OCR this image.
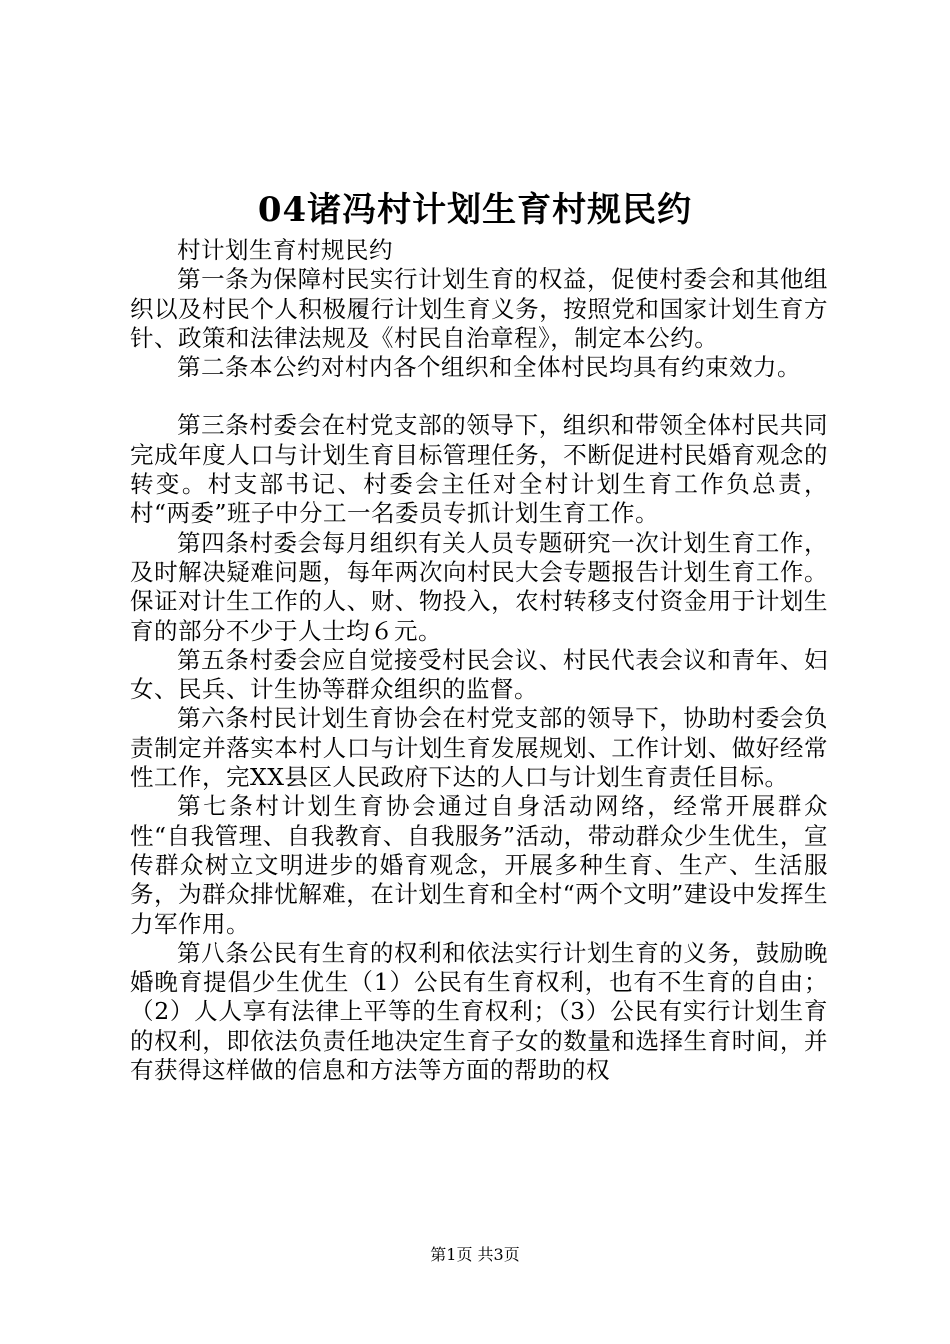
04诸冯村计划生育村规民约

村计划生育村规民约

第一条为保障村民实行计划生育的权益，促使村委会和其他组织以及村民个人积极履行计划生育义务，按照党和国家计划生育方针、政策和法律法规及《村民自治章程》，制定本公约。

第二条本公约对村内各个组织和全体村民均具有约束效力。

第三条村委会在村党支部的领导下，组织和带领全体村民共同完成年度人口与计划生育目标管理任务，不断促进村民婚育观念的转变。村支部书记、村委会主任对全村计划生育工作负总责，村“两委”班子中分工一名委员专抓计划生育工作。

第四条村委会每月组织有关人员专题研究一次计划生育工作，及时解决疑难问题，每年两次向村民大会专题报告计划生育工作。保证对计生工作的人、财、物投入，农村转移支付资金用于计划生育的部分不少于人士均６元。

第五条村委会应自觉接受村民会议、村民代表会议和青年、妇女、民兵、计生协等群众组织的监督。

第六条村民计划生育协会在村党支部的领导下，协助村委会负责制定并落实本村人口与计划生育发展规划、工作计划、做好经常性工作，完XX县区人民政府下达的人口与计划生育责任目标。

第七条村计划生育协会通过自身活动网络，经常开展群众性“自我管理、自我教育、自我服务”活动，带动群众少生优生，宣传群众树立文明进步的婚育观念，开展多种生育、生产、生活服务，为群众排忧解难，在计划生育和全村“两个文明”建设中发挥生力军作用。

第八条公民有生育的权利和依法实行计划生育的义务，鼓励晚婚晚育提倡少生优生（1）公民有生育权利，也有不生育的自由；（2）人人享有法律上平等的生育权利；（3）公民有实行计划生育的权利，即依法负责任地决定生育子女的数量和选择生育时间，并有获得这样做的信息和方法等方面的帮助的权

第1页 共3页
